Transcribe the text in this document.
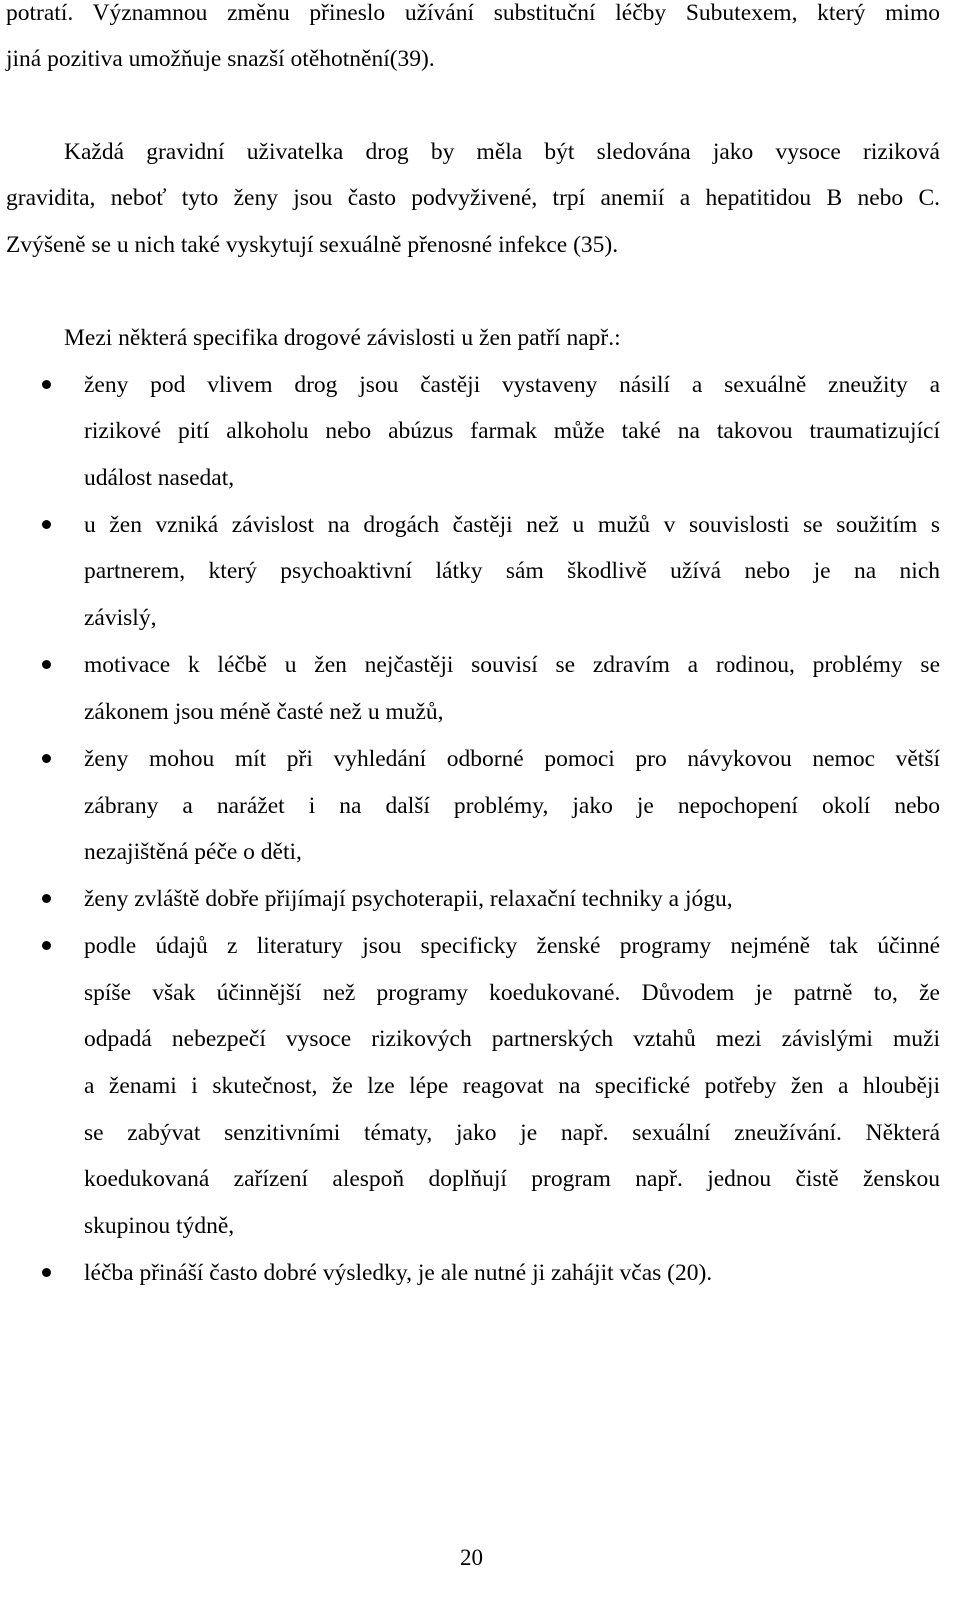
potratí. Významnou změnu přineslo užívání substituční léčby Subutexem, který mimo
jiná pozitiva umožňuje snazší otěhotnění(39).
Každá gravidní uživatelka drog by měla být sledována jako vysoce riziková
gravidita, neboť tyto ženy jsou často podvyživené, trpí anemií a hepatitidou B nebo C.
Zvýšeně se u nich také vyskytují sexuálně přenosné infekce (35).
Mezi některá specifika drogové závislosti u žen patří např.:
ženy pod vlivem drog jsou častěji vystaveny násilí a sexuálně zneužity a
rizikové pití alkoholu nebo abúzus farmak může také na takovou traumatizující
událost nasedat,
u žen vzniká závislost na drogách častěji než u mužů v souvislosti se soužitím s
partnerem, který psychoaktivní látky sám škodlivě užívá nebo je na nich
závislý,
motivace k léčbě u žen nejčastěji souvisí se zdravím a rodinou, problémy se
zákonem jsou méně časté než u mužů,
ženy mohou mít při vyhledání odborné pomoci pro návykovou nemoc větší
zábrany a narážet i na další problémy, jako je nepochopení okolí nebo
nezajištěná péče o děti,
ženy zvláště dobře přijímají psychoterapii, relaxační techniky a jógu,
podle údajů z literatury jsou specificky ženské programy nejméně tak účinné
spíše však účinnější než programy koedukované. Důvodem je patrně to, že
odpadá nebezpečí vysoce rizikových partnerských vztahů mezi závislými muži
a ženami i skutečnost, že lze lépe reagovat na specifické potřeby žen a hlouběji
se zabývat senzitivními tématy, jako je např. sexuální zneužívání. Některá
koedukovaná zařízení alespoň doplňují program např. jednou čistě ženskou
skupinou týdně,
léčba přináší často dobré výsledky, je ale nutné ji zahájit včas (20).
20
